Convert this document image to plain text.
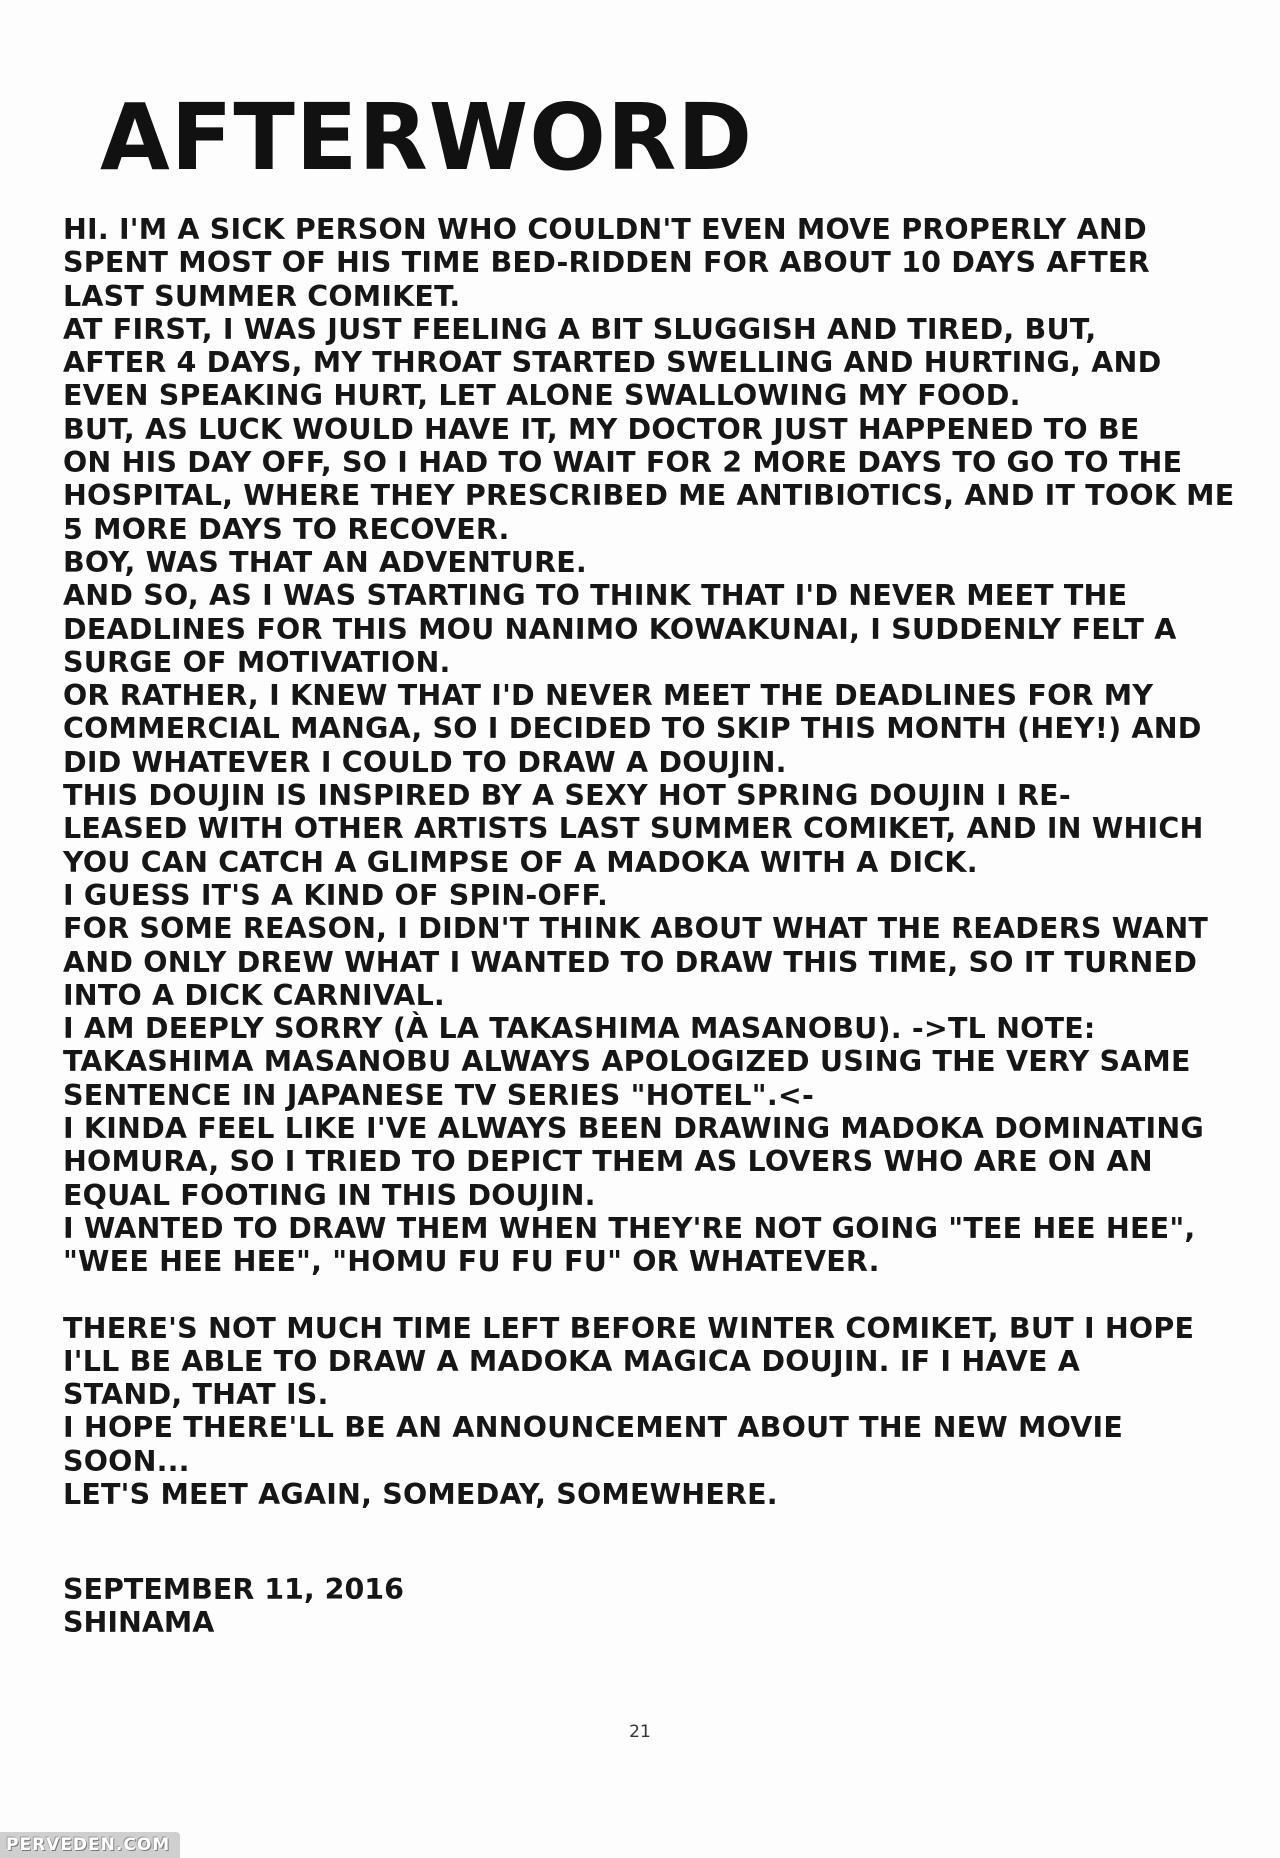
AFTERWORD

HI. I'M A SICK PERSON WHO COULDN'T EVEN MOVE PROPERLY AND
SPENT MOST OF HIS TIME BED-RIDDEN FOR ABOUT 10 DAYS AFTER
LAST SUMMER COMIKET.
AT FIRST, I WAS JUST FEELING A BIT SLUGGISH AND TIRED, BUT,
AFTER 4 DAYS, MY THROAT STARTED SWELLING AND HURTING, AND
EVEN SPEAKING HURT, LET ALONE SWALLOWING MY FOOD.
BUT, AS LUCK WOULD HAVE IT, MY DOCTOR JUST HAPPENED TO BE
ON HIS DAY OFF, SO I HAD TO WAIT FOR 2 MORE DAYS TO GO TO THE
HOSPITAL, WHERE THEY PRESCRIBED ME ANTIBIOTICS, AND IT TOOK ME
5 MORE DAYS TO RECOVER.
BOY, WAS THAT AN ADVENTURE.
AND SO, AS I WAS STARTING TO THINK THAT I'D NEVER MEET THE
DEADLINES FOR THIS MOU NANIMO KOWAKUNAI, I SUDDENLY FELT A
SURGE OF MOTIVATION.
OR RATHER, I KNEW THAT I'D NEVER MEET THE DEADLINES FOR MY
COMMERCIAL MANGA, SO I DECIDED TO SKIP THIS MONTH (HEY!) AND
DID WHATEVER I COULD TO DRAW A DOUJIN.
THIS DOUJIN IS INSPIRED BY A SEXY HOT SPRING DOUJIN I RE-
LEASED WITH OTHER ARTISTS LAST SUMMER COMIKET, AND IN WHICH
YOU CAN CATCH A GLIMPSE OF A MADOKA WITH A DICK.
I GUESS IT'S A KIND OF SPIN-OFF.
FOR SOME REASON, I DIDN'T THINK ABOUT WHAT THE READERS WANT
AND ONLY DREW WHAT I WANTED TO DRAW THIS TIME, SO IT TURNED
INTO A DICK CARNIVAL.
I AM DEEPLY SORRY (À LA TAKASHIMA MASANOBU). ->TL NOTE:
TAKASHIMA MASANOBU ALWAYS APOLOGIZED USING THE VERY SAME
SENTENCE IN JAPANESE TV SERIES "HOTEL".<-
I KINDA FEEL LIKE I'VE ALWAYS BEEN DRAWING MADOKA DOMINATING
HOMURA, SO I TRIED TO DEPICT THEM AS LOVERS WHO ARE ON AN
EQUAL FOOTING IN THIS DOUJIN.
I WANTED TO DRAW THEM WHEN THEY'RE NOT GOING "TEE HEE HEE",
"WEE HEE HEE", "HOMU FU FU FU" OR WHATEVER.

THERE'S NOT MUCH TIME LEFT BEFORE WINTER COMIKET, BUT I HOPE
I'LL BE ABLE TO DRAW A MADOKA MAGICA DOUJIN. IF I HAVE A
STAND, THAT IS.
I HOPE THERE'LL BE AN ANNOUNCEMENT ABOUT THE NEW MOVIE
SOON...
LET'S MEET AGAIN, SOMEDAY, SOMEWHERE.

SEPTEMBER 11, 2016
SHINAMA
21
PERVEDEN.COM
